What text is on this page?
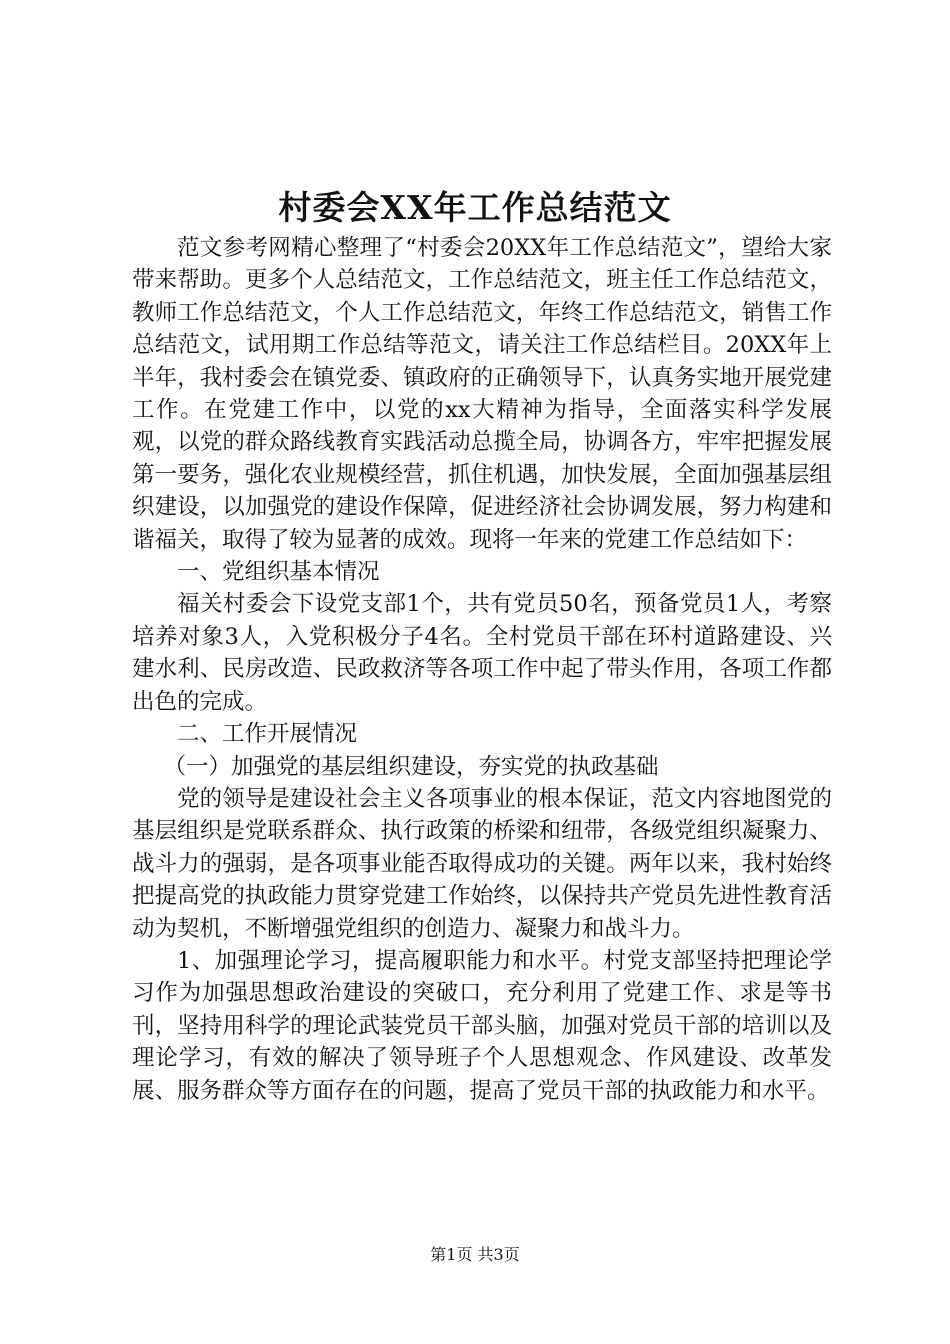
村委会XX年工作总结范文

范文参考网精心整理了“村委会20XX年工作总结范文”，望给大家带来帮助。更多个人总结范文，工作总结范文，班主任工作总结范文，教师工作总结范文，个人工作总结范文，年终工作总结范文，销售工作总结范文，试用期工作总结等范文，请关注工作总结栏目。20XX年上半年，我村委会在镇党委、镇政府的正确领导下，认真务实地开展党建工作。在党建工作中，以党的xx大精神为指导，全面落实科学发展观，以党的群众路线教育实践活动总揽全局，协调各方，牢牢把握发展第一要务，强化农业规模经营，抓住机遇，加快发展，全面加强基层组织建设，以加强党的建设作保障，促进经济社会协调发展，努力构建和谐福关，取得了较为显著的成效。现将一年来的党建工作总结如下：

一、党组织基本情况

福关村委会下设党支部1个，共有党员50名，预备党员1人，考察培养对象3人，入党积极分子4名。全村党员干部在环村道路建设、兴建水利、民房改造、民政救济等各项工作中起了带头作用，各项工作都出色的完成。

二、工作开展情况

（一）加强党的基层组织建设，夯实党的执政基础

党的领导是建设社会主义各项事业的根本保证，范文内容地图党的基层组织是党联系群众、执行政策的桥梁和纽带，各级党组织凝聚力、战斗力的强弱，是各项事业能否取得成功的关键。两年以来，我村始终把提高党的执政能力贯穿党建工作始终，以保持共产党员先进性教育活动为契机，不断增强党组织的创造力、凝聚力和战斗力。

1、加强理论学习，提高履职能力和水平。村党支部坚持把理论学习作为加强思想政治建设的突破口，充分利用了党建工作、求是等书刊，坚持用科学的理论武装党员干部头脑，加强对党员干部的培训以及理论学习，有效的解决了领导班子个人思想观念、作风建设、改革发展、服务群众等方面存在的问题，提高了党员干部的执政能力和水平。

第1页 共3页
